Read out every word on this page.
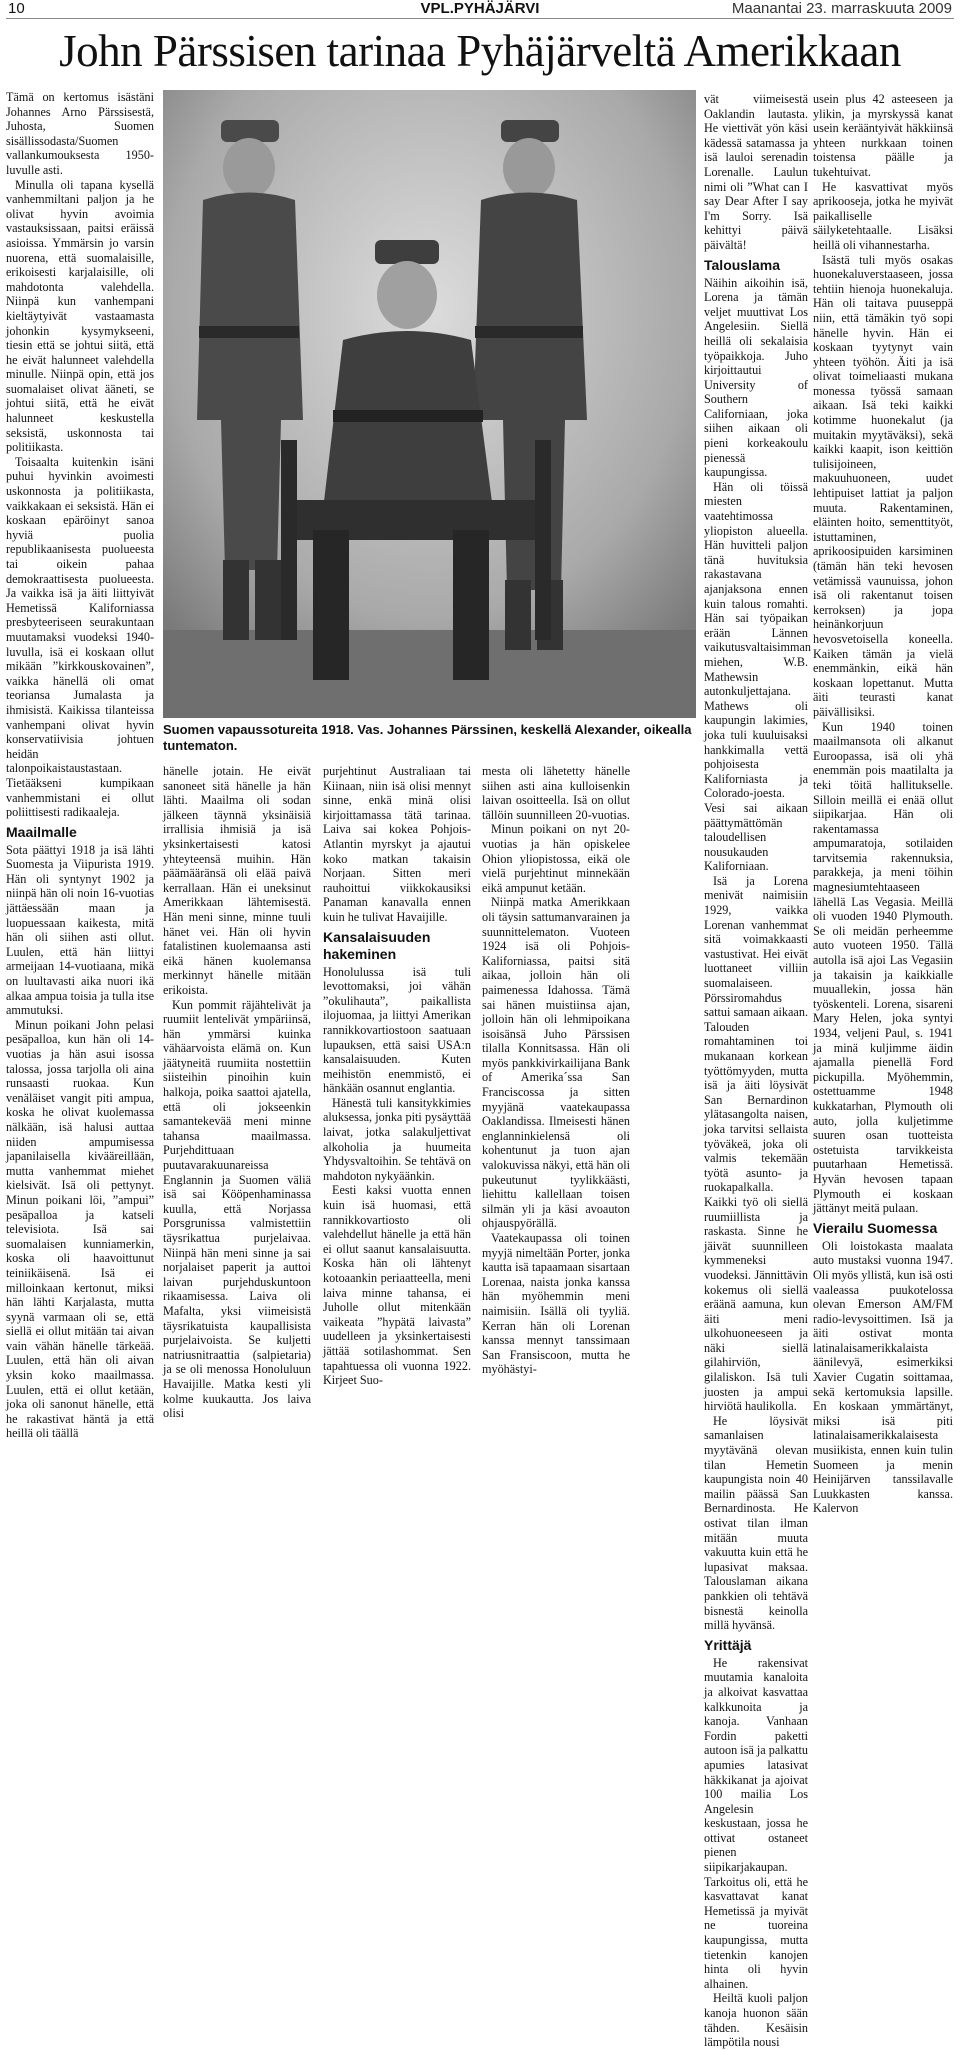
10	VPL.PYHÄJÄRVI	Maanantai 23. marraskuuta 2009
John Pärssisen tarinaa Pyhäjärveltä Amerikkaan

Tämä on kertomus isästäni Johannes Arno Pärssisestä, Juhosta, Suomen sisällissodasta/Suomen vallankumouksesta 1950-luvulle asti.

Minulla oli tapana kysellä vanhemmiltani paljon ja he olivat hyvin avoimia vastauksissaan, paitsi eräissä asioissa. Ymmärsin jo varsin nuorena, että suomalaisille, erikoisesti karjalaisille, oli mahdotonta valehdella. Niinpä kun vanhempani kieltäytyivät vastaamasta johonkin kysymykseeni, tiesin että se johtui siitä, että he eivät halunneet valehdella minulle. Niinpä opin, että jos suomalaiset olivat ääneti, se johtui siitä, että he eivät halunneet keskustella seksistä, uskonnosta tai politiikasta.

Toisaalta kuitenkin isäni puhui hyvinkin avoimesti uskonnosta ja politiikasta, vaikkakaan ei seksistä. Hän ei koskaan epäröinyt sanoa hyviä puolia republikaanisesta puolueesta tai oikein pahaa demokraattisesta puolueesta. Ja vaikka isä ja äiti liittyivät Hemetissä Kaliforniassa presbyteeriseen seurakuntaan muutamaksi vuodeksi 1940-luvulla, isä ei koskaan ollut mikään ”kirkkouskovainen”, vaikka hänellä oli omat teoriansa Jumalasta ja ihmisistä. Kaikissa tilanteissa vanhempani olivat hyvin konservatiivisia johtuen heidän talonpoikaistaustastaan. Tietääkseni kumpikaan vanhemmistani ei ollut poliittisesti radikaaleja.

Maailmalle

Sota päättyi 1918 ja isä lähti Suomesta ja Viipurista 1919. Hän oli syntynyt 1902 ja niinpä hän oli noin 16-vuotias jättäessään maan ja luopuessaan kaikesta, mitä hän oli siihen asti ollut. Luulen, että hän liittyi armeijaan 14-vuotiaana, mikä on luultavasti aika nuori ikä alkaa ampua toisia ja tulla itse ammutuksi.

Minun poikani John pelasi pesäpalloa, kun hän oli 14-vuotias ja hän asui isossa talossa, jossa tarjolla oli aina runsaasti ruokaa. Kun venäläiset vangit piti ampua, koska he olivat kuolemassa nälkään, isä halusi auttaa niiden ampumisessa japanilaisella kivääreillään, mutta vanhemmat miehet kielsivät. Isä oli pettynyt. Minun poikani löi, ”ampui” pesäpalloa ja katseli televisiota. Isä sai suomalaisen kunniamerkin, koska oli haavoittunut teiniikäisenä. Isä ei milloinkaan kertonut, miksi hän lähti Karjalasta, mutta syynä varmaan oli se, että siellä ei ollut mitään tai aivan vain vähän hänelle tärkeää. Luulen, että hän oli aivan yksin koko maailmassa. Luulen, että ei ollut ketään, joka oli sanonut hänelle, että he rakastivat häntä ja että heillä oli täällä

Suomen vapaussotureita 1918. Vas. Johannes Pärssinen, keskellä Alexander, oikealla tuntematon.

hänelle jotain. He eivät sanoneet sitä hänelle ja hän lähti. Maailma oli sodan jälkeen täynnä yksinäisiä irrallisia ihmisiä ja isä yksinkertaisesti katosi yhteyteensä muihin. Hän päämääränsä oli elää paivä kerrallaan. Hän ei uneksinut Amerikkaan lähtemisestä. Hän meni sinne, minne tuuli hänet vei. Hän oli hyvin fatalistinen kuolemaansa asti eikä hänen kuolemansa merkinnyt hänelle mitään erikoista.

Kun pommit räjähtelivät ja ruumiit lentelivät ympäriinsä, hän ymmärsi kuinka vähäarvoista elämä on. Kun jäätyneitä ruumiita nostettiin siisteihin pinoihin kuin halkoja, poika saattoi ajatella, että oli jokseenkin samantekevää meni minne tahansa maailmassa. Purjehdittuaan puutavarakuunareissa Englannin ja Suomen väliä isä sai Kööpenhaminassa kuulla, että Norjassa Porsgrunissa valmistettiin täysrikattua purjelaivaa. Niinpä hän meni sinne ja sai norjalaiset paperit ja auttoi laivan purjehduskuntoon rikaamisessa. Laiva oli Mafalta, yksi viimeisistä täysrikatuista kaupallisista purjelaivoista. Se kuljetti natriusnitraattia (salpietaria) ja se oli menossa Honoluluun Havaijille. Matka kesti yli kolme kuukautta. Jos laiva olisi

purjehtinut Australiaan tai Kiinaan, niin isä olisi mennyt sinne, enkä minä olisi kirjoittamassa tätä tarinaa. Laiva sai kokea Pohjois-Atlantin myrskyt ja ajautui koko matkan takaisin Norjaan. Sitten meri rauhoittui viikkokausiksi Panaman kanavalla ennen kuin he tulivat Havaijille.

Kansalaisuuden hakeminen

Honolulussa isä tuli levottomaksi, joi vähän ”okulihauta”, paikallista ilojuomaa, ja liittyi Amerikan rannikkovartiostoon saatuaan lupauksen, että saisi USA:n kansalaisuuden. Kuten meihistön enemmistö, ei hänkään osannut englantia.

Hänestä tuli kansitykkimies aluksessa, jonka piti pysäyttää laivat, jotka salakuljettivat alkoholia ja huumeita Yhdysvaltoihin. Se tehtävä on mahdoton nykyäänkin.

Eesti kaksi vuotta ennen kuin isä huomasi, että rannikkovartiosto oli valehdellut hänelle ja että hän ei ollut saanut kansalaisuutta. Koska hän oli lähtenyt kotoaankin periaatteella, meni laiva minne tahansa, ei Juholle ollut mitenkään vaikeata ”hypätä laivasta” uudelleen ja yksinkertaisesti jättää sotilashommat. Sen tapahtuessa oli vuonna 1922. Kirjeet Suo-

mesta oli lähetetty hänelle siihen asti aina kulloisenkin laivan osoitteella. Isä on ollut tällöin suunnilleen 20-vuotias.

Minun poikani on nyt 20-vuotias ja hän opiskelee Ohion yliopistossa, eikä ole vielä purjehtinut minnekään eikä ampunut ketään.

Niinpä matka Amerikkaan oli täysin sattumanvarainen ja suunnittelematon. Vuoteen 1924 isä oli Pohjois-Kaliforniassa, paitsi sitä aikaa, jolloin hän oli paimenessa Idahossa. Tämä sai hänen muistiinsa ajan, jolloin hän oli lehmipoikana isoisänsä Juho Pärssisen tilalla Konnitsassa. Hän oli myös pankkivirkailijana Bank of Amerika´ssa San Franciscossa ja sitten myyjänä vaatekaupassa Oaklandissa. Ilmeisesti hänen englanninkielensä oli kohentunut ja tuon ajan valokuvissa näkyi, että hän oli pukeutunut tyylikkäästi, liehittu kallellaan toisen silmän yli ja käsi avoauton ohjauspyörällä.

Vaatekaupassa oli toinen myyjä nimeltään Porter, jonka kautta isä tapaamaan sisartaan Lorenaa, naista jonka kanssa hän myöhemmin meni naimisiin. Isällä oli tyyliä. Kerran hän oli Lorenan kanssa mennyt tanssimaan San Fransiscoon, mutta he myöhästyi-

vät viimeisestä Oaklandin lautasta. He viettivät yön käsi kädessä satamassa ja isä lauloi serenadin Lorenalle. Laulun nimi oli ”What can I say Dear After I say I'm Sorry. Isä kehittyi päivä päivältä!

Talouslama

Näihin aikoihin isä, Lorena ja tämän veljet muuttivat Los Angelesiin. Siellä heillä oli sekalaisia työpaikkoja. Juho kirjoittautui University of Southern Californiaan, joka siihen aikaan oli pieni korkeakoulu pienessä kaupungissa.

Hän oli töissä miesten vaatehtimossa yliopiston alueella. Hän huvitteli paljon tänä huvituksia rakastavana ajanjaksona ennen kuin talous romahti. Hän sai työpaikan erään Lännen vaikutusvaltaisimman miehen, W.B. Mathewsin autonkuljettajana. Mathews oli kaupungin lakimies, joka tuli kuuluisaksi hankkimalla vettä pohjoisesta Kaliforniasta ja Colorado-joesta. Vesi sai aikaan päättymättömän taloudellisen nousukauden Kaliforniaan.

Isä ja Lorena menivät naimisiin 1929, vaikka Lorenan vanhemmat sitä voimakkaasti vastustivat. Hei eivät luottaneet villiin suomalaiseen. Pörssiromahdus sattui samaan aikaan. Talouden romahtaminen toi mukanaan korkean työttömyyden, mutta isä ja äiti löysivät San Bernardinon ylätasangolta naisen, joka tarvitsi sellaista työväkeä, joka oli valmis tekemään työtä asunto- ja ruokapalkalla. Kaikki työ oli siellä ruumiillista ja raskasta. Sinne he jäivät suunnilleen kymmeneksi vuodeksi. Jännittävin kokemus oli siellä eräänä aamuna, kun äiti meni ulkohuoneeseen ja näki siellä gilahirviön, gilaliskon. Isä tuli juosten ja ampui hirviötä haulikolla.

He löysivät samanlaisen myytävänä olevan tilan Hemetin kaupungista noin 40 mailin päässä San Bernardinosta. He ostivat tilan ilman mitään muuta vakuutta kuin että he lupasivat maksaa. Talouslaman aikana pankkien oli tehtävä bisnestä keinolla millä hyvänsä.

Yrittäjä

He rakensivat muutamia kanaloita ja alkoivat kasvattaa kalkkunoita ja kanoja. Vanhaan Fordin paketti autoon isä ja palkattu apumies latasivat häkkikanat ja ajoivat 100 mailia Los Angelesin keskustaan, jossa he ottivat ostaneet pienen siipikarjakaupan. Tarkoitus oli, että he kasvattavat kanat Hemetissä ja myivät ne tuoreina kaupungissa, mutta tietenkin kanojen hinta oli hyvin alhainen.

Heiltä kuoli paljon kanoja huonon sään tähden. Kesäisin lämpötila nousi

usein plus 42 asteeseen ja ylikin, ja myrskyssä kanat usein kerääntyivät häkkiinsä yhteen nurkkaan toinen toistensa päälle ja tukehtuivat.

He kasvattivat myös aprikooseja, jotka he myivät paikalliselle säilyketehtaalle. Lisäksi heillä oli vihannestarha.

Isästä tuli myös osakas huonekaluverstaaseen, jossa tehtiin hienoja huonekaluja. Hän oli taitava puuseppä niin, että tämäkin työ sopi hänelle hyvin. Hän ei koskaan tyytynyt vain yhteen työhön. Äiti ja isä olivat toimeliaasti mukana monessa työssä samaan aikaan. Isä teki kaikki kotimme huonekalut (ja muitakin myytäväksi), sekä kaikki kaapit, ison keittiön tulisijoineen, makuuhuoneen, uudet lehtipuiset lattiat ja paljon muuta. Rakentaminen, eläinten hoito, sementtityöt, istuttaminen, aprikoosipuiden karsiminen (tämän hän teki hevosen vetämissä vaunuissa, johon isä oli rakentanut toisen kerroksen) ja jopa heinänkorjuun hevosvetoisella koneella. Kaiken tämän ja vielä enemmänkin, eikä hän koskaan lopettanut. Mutta äiti teurasti kanat päivällisiksi.

Kun 1940 toinen maailmansota oli alkanut Euroopassa, isä oli yhä enemmän pois maatilalta ja teki töitä hallitukselle. Silloin meillä ei enää ollut siipikarjaa. Hän oli rakentamassa ampumaratoja, sotilaiden tarvitsemia rakennuksia, parakkeja, ja meni töihin magnesiumtehtaaseen lähellä Las Vegasia. Meillä oli vuoden 1940 Plymouth. Se oli meidän perheemme auto vuoteen 1950. Tällä autolla isä ajoi Las Vegasiin ja takaisin ja kaikkialle muuallekin, jossa hän työskenteli. Lorena, sisareni Mary Helen, joka syntyi 1934, veljeni Paul, s. 1941 ja minä kuljimme äidin ajamalla pienellä Ford pickupilla. Myöhemmin, ostettuamme 1948 kukkatarhan, Plymouth oli auto, jolla kuljetimme suuren osan tuotteista ostetuista tarvikkeista puutarhaan Hemetissä. Hyvän hevosen tapaan Plymouth ei koskaan jättänyt meitä pulaan.

Vierailu Suomessa

Oli loistokasta maalata auto mustaksi vuonna 1947. Oli myös yllistä, kun isä osti vaaleassa puukotelossa olevan Emerson AM/FM radio-levysoittimen. Isä ja äiti ostivat monta latinalaisamerikkalaista äänilevyä, esimerkiksi Xavier Cugatin soittamaa, sekä kertomuksia lapsille. En koskaan ymmärtänyt, miksi isä piti latinalaisamerikkalaisesta musiikista, ennen kuin tulin Suomeen ja menin Heinijärven tanssilavalle Luukkasten kanssa. Kalervon
